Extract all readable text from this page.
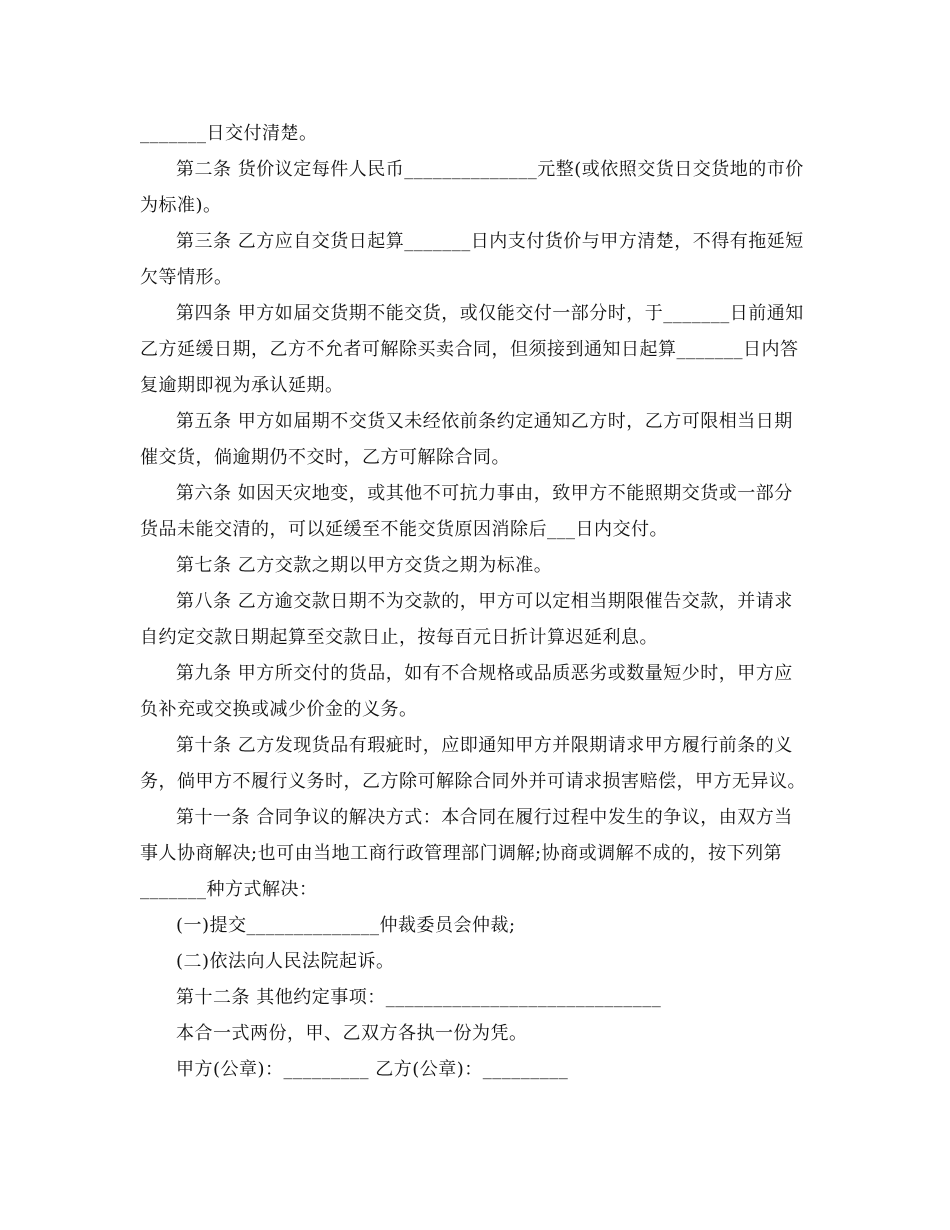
_______日交付清楚。
第二条 货价议定每件人民币______________元整(或依照交货日交货地的市价
为标准)。
第三条 乙方应自交货日起算_______日内支付货价与甲方清楚，不得有拖延短
欠等情形。
第四条 甲方如届交货期不能交货，或仅能交付一部分时，于_______日前通知
乙方延缓日期，乙方不允者可解除买卖合同，但须接到通知日起算_______日内答
复逾期即视为承认延期。
第五条 甲方如届期不交货又未经依前条约定通知乙方时，乙方可限相当日期
催交货，倘逾期仍不交时，乙方可解除合同。
第六条 如因天灾地变，或其他不可抗力事由，致甲方不能照期交货或一部分
货品未能交清的，可以延缓至不能交货原因消除后___日内交付。
第七条 乙方交款之期以甲方交货之期为标准。
第八条 乙方逾交款日期不为交款的，甲方可以定相当期限催告交款，并请求
自约定交款日期起算至交款日止，按每百元日折计算迟延利息。
第九条 甲方所交付的货品，如有不合规格或品质恶劣或数量短少时，甲方应
负补充或交换或减少价金的义务。
第十条 乙方发现货品有瑕疵时，应即通知甲方并限期请求甲方履行前条的义
务，倘甲方不履行义务时，乙方除可解除合同外并可请求损害赔偿，甲方无异议。
第十一条 合同争议的解决方式：本合同在履行过程中发生的争议，由双方当
事人协商解决;也可由当地工商行政管理部门调解;协商或调解不成的，按下列第
_______种方式解决：
(一)提交______________仲裁委员会仲裁;
(二)依法向人民法院起诉。
第十二条 其他约定事项：_____________________________
本合一式两份，甲、乙双方各执一份为凭。
甲方(公章)：_________ 乙方(公章)：_________
